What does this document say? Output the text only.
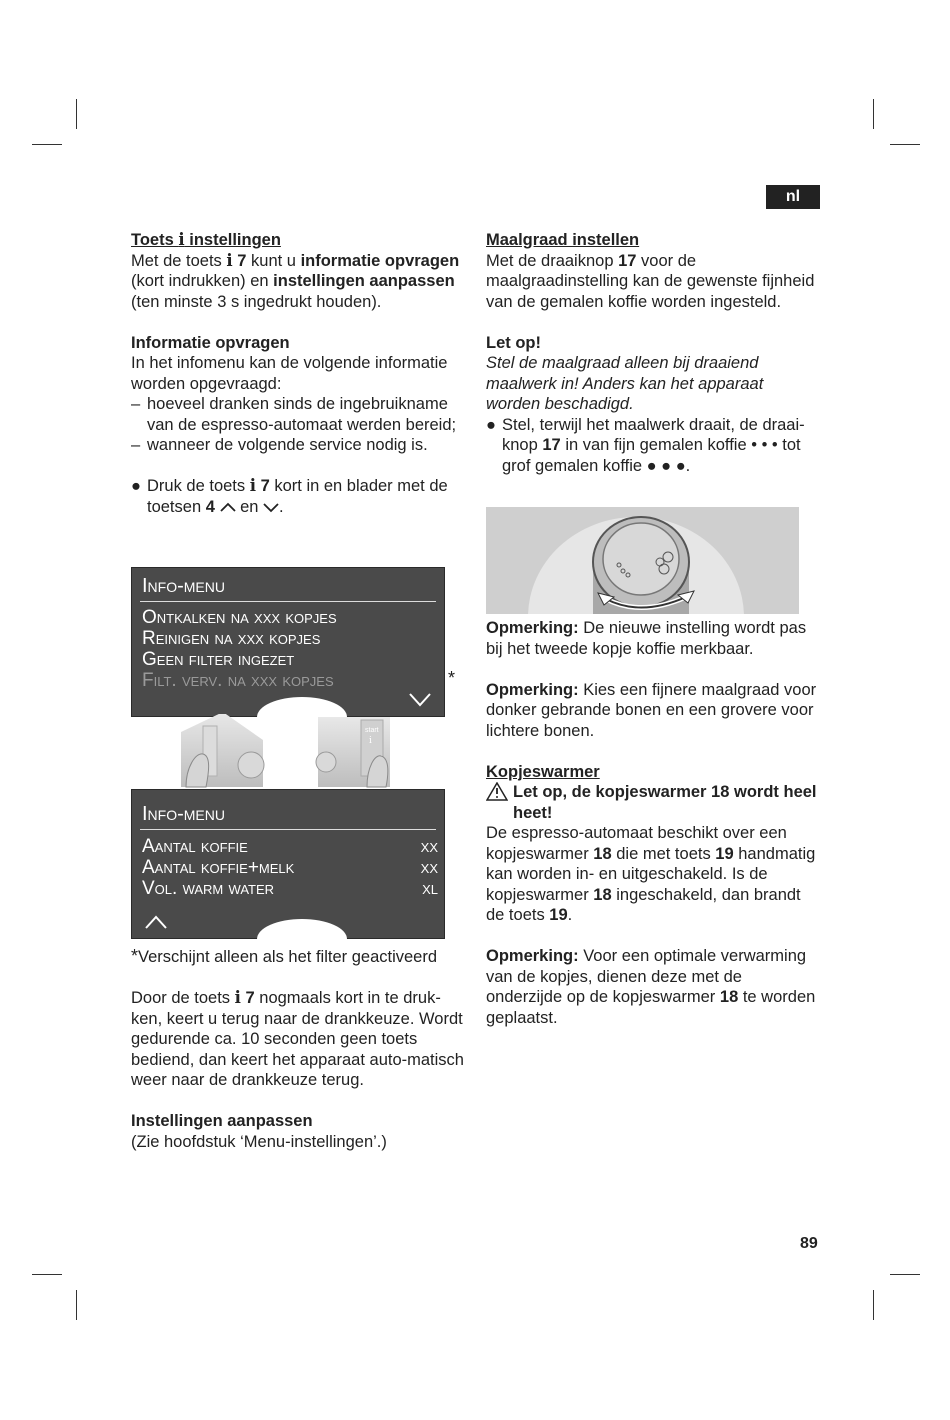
nl

Toets i instellingen

Met de toets i 7 kunt u informatie opvragen (kort indrukken) en instellingen aanpassen (ten minste 3 s ingedrukt houden).

Informatie opvragen

In het infomenu kan de volgende informatie worden opgevraagd:

– hoeveel dranken sinds de ingebruikname van de espresso-automaat werden bereid;
– wanneer de volgende service nodig is.
● Druk de toets i 7 kort in en blader met de toetsen 4  en .
Info-menu
Ontkalken na xxx kopjes
Reinigen na xxx kopjes
Geen filter ingezet
Filt. verv. na xxx kopjes	*
start
i
Info-menu
Aantal koffie	xx
Aantal koffie+melk	xx
Vol. warm water	xl
*Verschijnt alleen als het filter geactiveerd

Door de toets i 7 nogmaals kort in te druk-ken, keert u terug naar de drankkeuze. Wordt gedurende ca. 10 seconden geen toets bediend, dan keert het apparaat auto-matisch weer naar de drankkeuze terug.

Instellingen aanpassen

(Zie hoofdstuk ‘Menu-instellingen’.)

Maalgraad instellen

Met de draaiknop 17 voor de maalgraadinstelling kan de gewenste fijnheid van de gemalen koffie worden ingesteld.

Let op!

Stel de maalgraad alleen bij draaiend maalwerk in! Anders kan het apparaat worden beschadigd.

● Stel, terwijl het maalwerk draait, de draai-knop 17 in van fijn gemalen koffie • • • tot grof gemalen koffie ● ● ●.

Opmerking: De nieuwe instelling wordt pas bij het tweede kopje koffie merkbaar.

Opmerking: Kies een fijnere maalgraad voor donker gebrande bonen en een grovere voor lichtere bonen.

Kopjeswarmer

Let op, de kopjeswarmer 18 wordt heel heet!

De espresso-automaat beschikt over een kopjeswarmer 18 die met toets 19 handmatig kan worden in- en uitgeschakeld. Is de kopjeswarmer 18 ingeschakeld, dan brandt de toets 19.

Opmerking: Voor een optimale verwarming van de kopjes, dienen deze met de onderzijde op de kopjeswarmer 18 te worden geplaatst.

89
